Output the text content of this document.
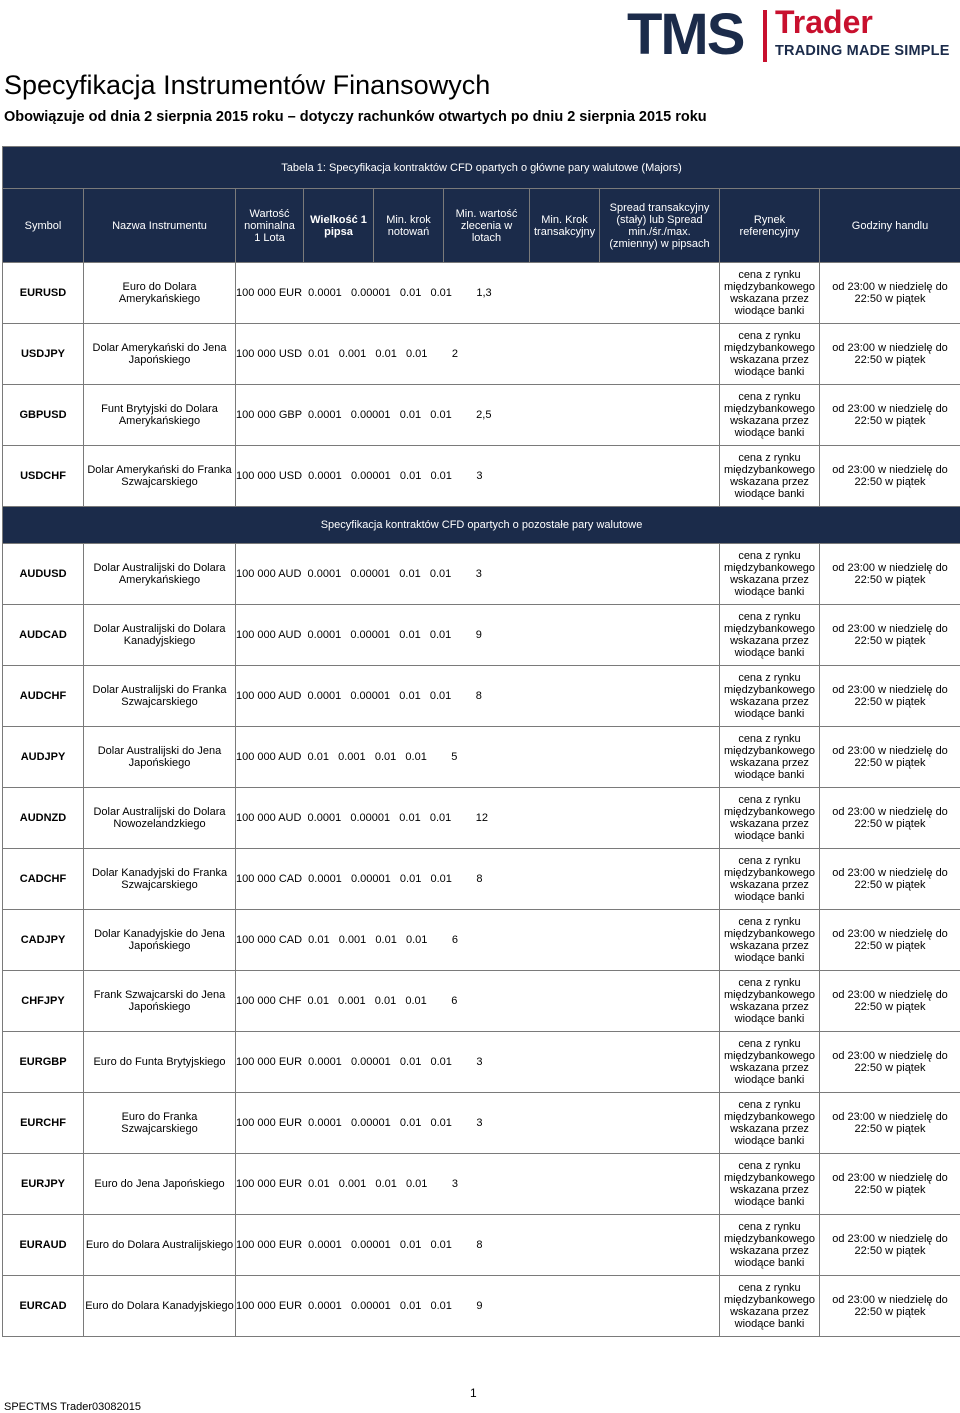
TMS Trader
TRADING MADE SIMPLE
Specyfikacja Instrumentów Finansowych
Obowiązuje od dnia 2 sierpnia 2015 roku – dotyczy rachunków otwartych po dniu 2 sierpnia 2015 roku
Tabela 1: Specyfikacja kontraktów CFD opartych o główne pary walutowe (Majors)									
Symbol	Nazwa Instrumentu	Wartość nominalna 1 Lota	Wielkość 1 pipsa	Min. krok notowań	Min. wartość zlecenia w lotach	Min. Krok transakcyjny	Spread transakcyjny (stały) lub Spread min./śr./max. (zmienny) w pipsach	Rynek referencyjny	Godziny handlu
EURUSD	Euro do Dolara Amerykańskiego	100 000 EUR  0.0001   0.00001   0.01   0.01        1,3						cena z rynku międzybankowego wskazana przez wiodące banki	od 23:00 w niedzielę do 22:50 w piątek
USDJPY	Dolar Amerykański do Jena Japońskiego	100 000 USD  0.01   0.001   0.01   0.01        2						cena z rynku międzybankowego wskazana przez wiodące banki	od 23:00 w niedzielę do 22:50 w piątek
GBPUSD	Funt Brytyjski do Dolara Amerykańskiego	100 000 GBP  0.0001   0.00001   0.01   0.01        2,5						cena z rynku międzybankowego wskazana przez wiodące banki	od 23:00 w niedzielę do 22:50 w piątek
USDCHF	Dolar Amerykański do Franka Szwajcarskiego	100 000 USD  0.0001   0.00001   0.01   0.01        3						cena z rynku międzybankowego wskazana przez wiodące banki	od 23:00 w niedzielę do 22:50 w piątek
Specyfikacja kontraktów CFD opartych o pozostałe pary walutowe									
AUDUSD	Dolar Australijski do Dolara Amerykańskiego	100 000 AUD  0.0001   0.00001   0.01   0.01        3						cena z rynku międzybankowego wskazana przez wiodące banki	od 23:00 w niedzielę do 22:50 w piątek
AUDCAD	Dolar Australijski do Dolara Kanadyjskiego	100 000 AUD  0.0001   0.00001   0.01   0.01        9						cena z rynku międzybankowego wskazana przez wiodące banki	od 23:00 w niedzielę do 22:50 w piątek
AUDCHF	Dolar Australijski do Franka Szwajcarskiego	100 000 AUD  0.0001   0.00001   0.01   0.01        8						cena z rynku międzybankowego wskazana przez wiodące banki	od 23:00 w niedzielę do 22:50 w piątek
AUDJPY	Dolar Australijski do Jena Japońskiego	100 000 AUD  0.01   0.001   0.01   0.01        5						cena z rynku międzybankowego wskazana przez wiodące banki	od 23:00 w niedzielę do 22:50 w piątek
AUDNZD	Dolar Australijski do Dolara Nowozelandzkiego	100 000 AUD  0.0001   0.00001   0.01   0.01        12						cena z rynku międzybankowego wskazana przez wiodące banki	od 23:00 w niedzielę do 22:50 w piątek
CADCHF	Dolar Kanadyjski do Franka Szwajcarskiego	100 000 CAD  0.0001   0.00001   0.01   0.01        8						cena z rynku międzybankowego wskazana przez wiodące banki	od 23:00 w niedzielę do 22:50 w piątek
CADJPY	Dolar Kanadyjskie do Jena Japońskiego	100 000 CAD  0.01   0.001   0.01   0.01        6						cena z rynku międzybankowego wskazana przez wiodące banki	od 23:00 w niedzielę do 22:50 w piątek
CHFJPY	Frank Szwajcarski do Jena Japońskiego	100 000 CHF  0.01   0.001   0.01   0.01        6						cena z rynku międzybankowego wskazana przez wiodące banki	od 23:00 w niedzielę do 22:50 w piątek
EURGBP	Euro do Funta Brytyjskiego	100 000 EUR  0.0001   0.00001   0.01   0.01        3						cena z rynku międzybankowego wskazana przez wiodące banki	od 23:00 w niedzielę do 22:50 w piątek
EURCHF	Euro do Franka Szwajcarskiego	100 000 EUR  0.0001   0.00001   0.01   0.01        3						cena z rynku międzybankowego wskazana przez wiodące banki	od 23:00 w niedzielę do 22:50 w piątek
EURJPY	Euro do Jena Japońskiego	100 000 EUR  0.01   0.001   0.01   0.01        3						cena z rynku międzybankowego wskazana przez wiodące banki	od 23:00 w niedzielę do 22:50 w piątek
EURAUD	Euro do Dolara Australijskiego	100 000 EUR  0.0001   0.00001   0.01   0.01        8						cena z rynku międzybankowego wskazana przez wiodące banki	od 23:00 w niedzielę do 22:50 w piątek
EURCAD	Euro do Dolara Kanadyjskiego	100 000 EUR  0.0001   0.00001   0.01   0.01        9						cena z rynku międzybankowego wskazana przez wiodące banki	od 23:00 w niedzielę do 22:50 w piątek
1
SPECTMS Trader03082015
